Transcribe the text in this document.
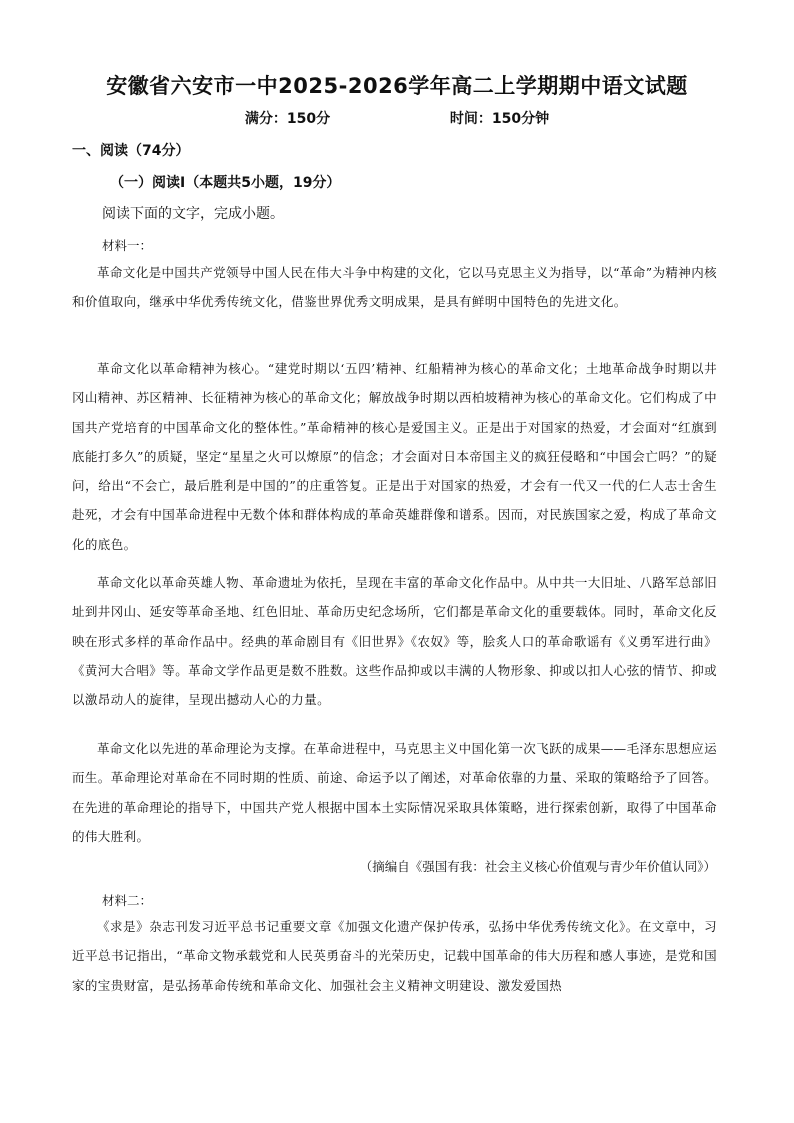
安徽省六安市一中2025-2026学年高二上学期期中语文试题
满分：150分	时间：150分钟
一、阅读（74分）
（一）阅读Ⅰ（本题共5小题，19分）
阅读下面的文字，完成小题。
材料一：

革命文化是中国共产党领导中国人民在伟大斗争中构建的文化，它以马克思主义为指导，以“革命”为精神内核和价值取向，继承中华优秀传统文化，借鉴世界优秀文明成果，是具有鲜明中国特色的先进文化。

革命文化以革命精神为核心。“建党时期以‘五四’精神、红船精神为核心的革命文化；土地革命战争时期以井冈山精神、苏区精神、长征精神为核心的革命文化；解放战争时期以西柏坡精神为核心的革命文化。它们构成了中国共产党培育的中国革命文化的整体性。”革命精神的核心是爱国主义。正是出于对国家的热爱，才会面对“红旗到底能打多久”的质疑，坚定“星星之火可以燎原”的信念；才会面对日本帝国主义的疯狂侵略和“中国会亡吗？”的疑问，给出“不会亡，最后胜利是中国的”的庄重答复。正是出于对国家的热爱，才会有一代又一代的仁人志士舍生赴死，才会有中国革命进程中无数个体和群体构成的革命英雄群像和谱系。因而，对民族国家之爱，构成了革命文化的底色。

革命文化以革命英雄人物、革命遗址为依托，呈现在丰富的革命文化作品中。从中共一大旧址、八路军总部旧址到井冈山、延安等革命圣地、红色旧址、革命历史纪念场所，它们都是革命文化的重要载体。同时，革命文化反映在形式多样的革命作品中。经典的革命剧目有《旧世界》《农奴》等，脍炙人口的革命歌谣有《义勇军进行曲》《黄河大合唱》等。革命文学作品更是数不胜数。这些作品抑或以丰满的人物形象、抑或以扣人心弦的情节、抑或以激昂动人的旋律，呈现出撼动人心的力量。

革命文化以先进的革命理论为支撑。在革命进程中，马克思主义中国化第一次飞跃的成果——毛泽东思想应运而生。革命理论对革命在不同时期的性质、前途、命运予以了阐述，对革命依靠的力量、采取的策略给予了回答。在先进的革命理论的指导下，中国共产党人根据中国本土实际情况采取具体策略，进行探索创新，取得了中国革命的伟大胜利。

（摘编自《强国有我：社会主义核心价值观与青少年价值认同》）
材料二：

《求是》杂志刊发习近平总书记重要文章《加强文化遗产保护传承，弘扬中华优秀传统文化》。在文章中，习近平总书记指出，“革命文物承载党和人民英勇奋斗的光荣历史，记载中国革命的伟大历程和感人事迹，是党和国家的宝贵财富，是弘扬革命传统和革命文化、加强社会主义精神文明建设、激发爱国热
